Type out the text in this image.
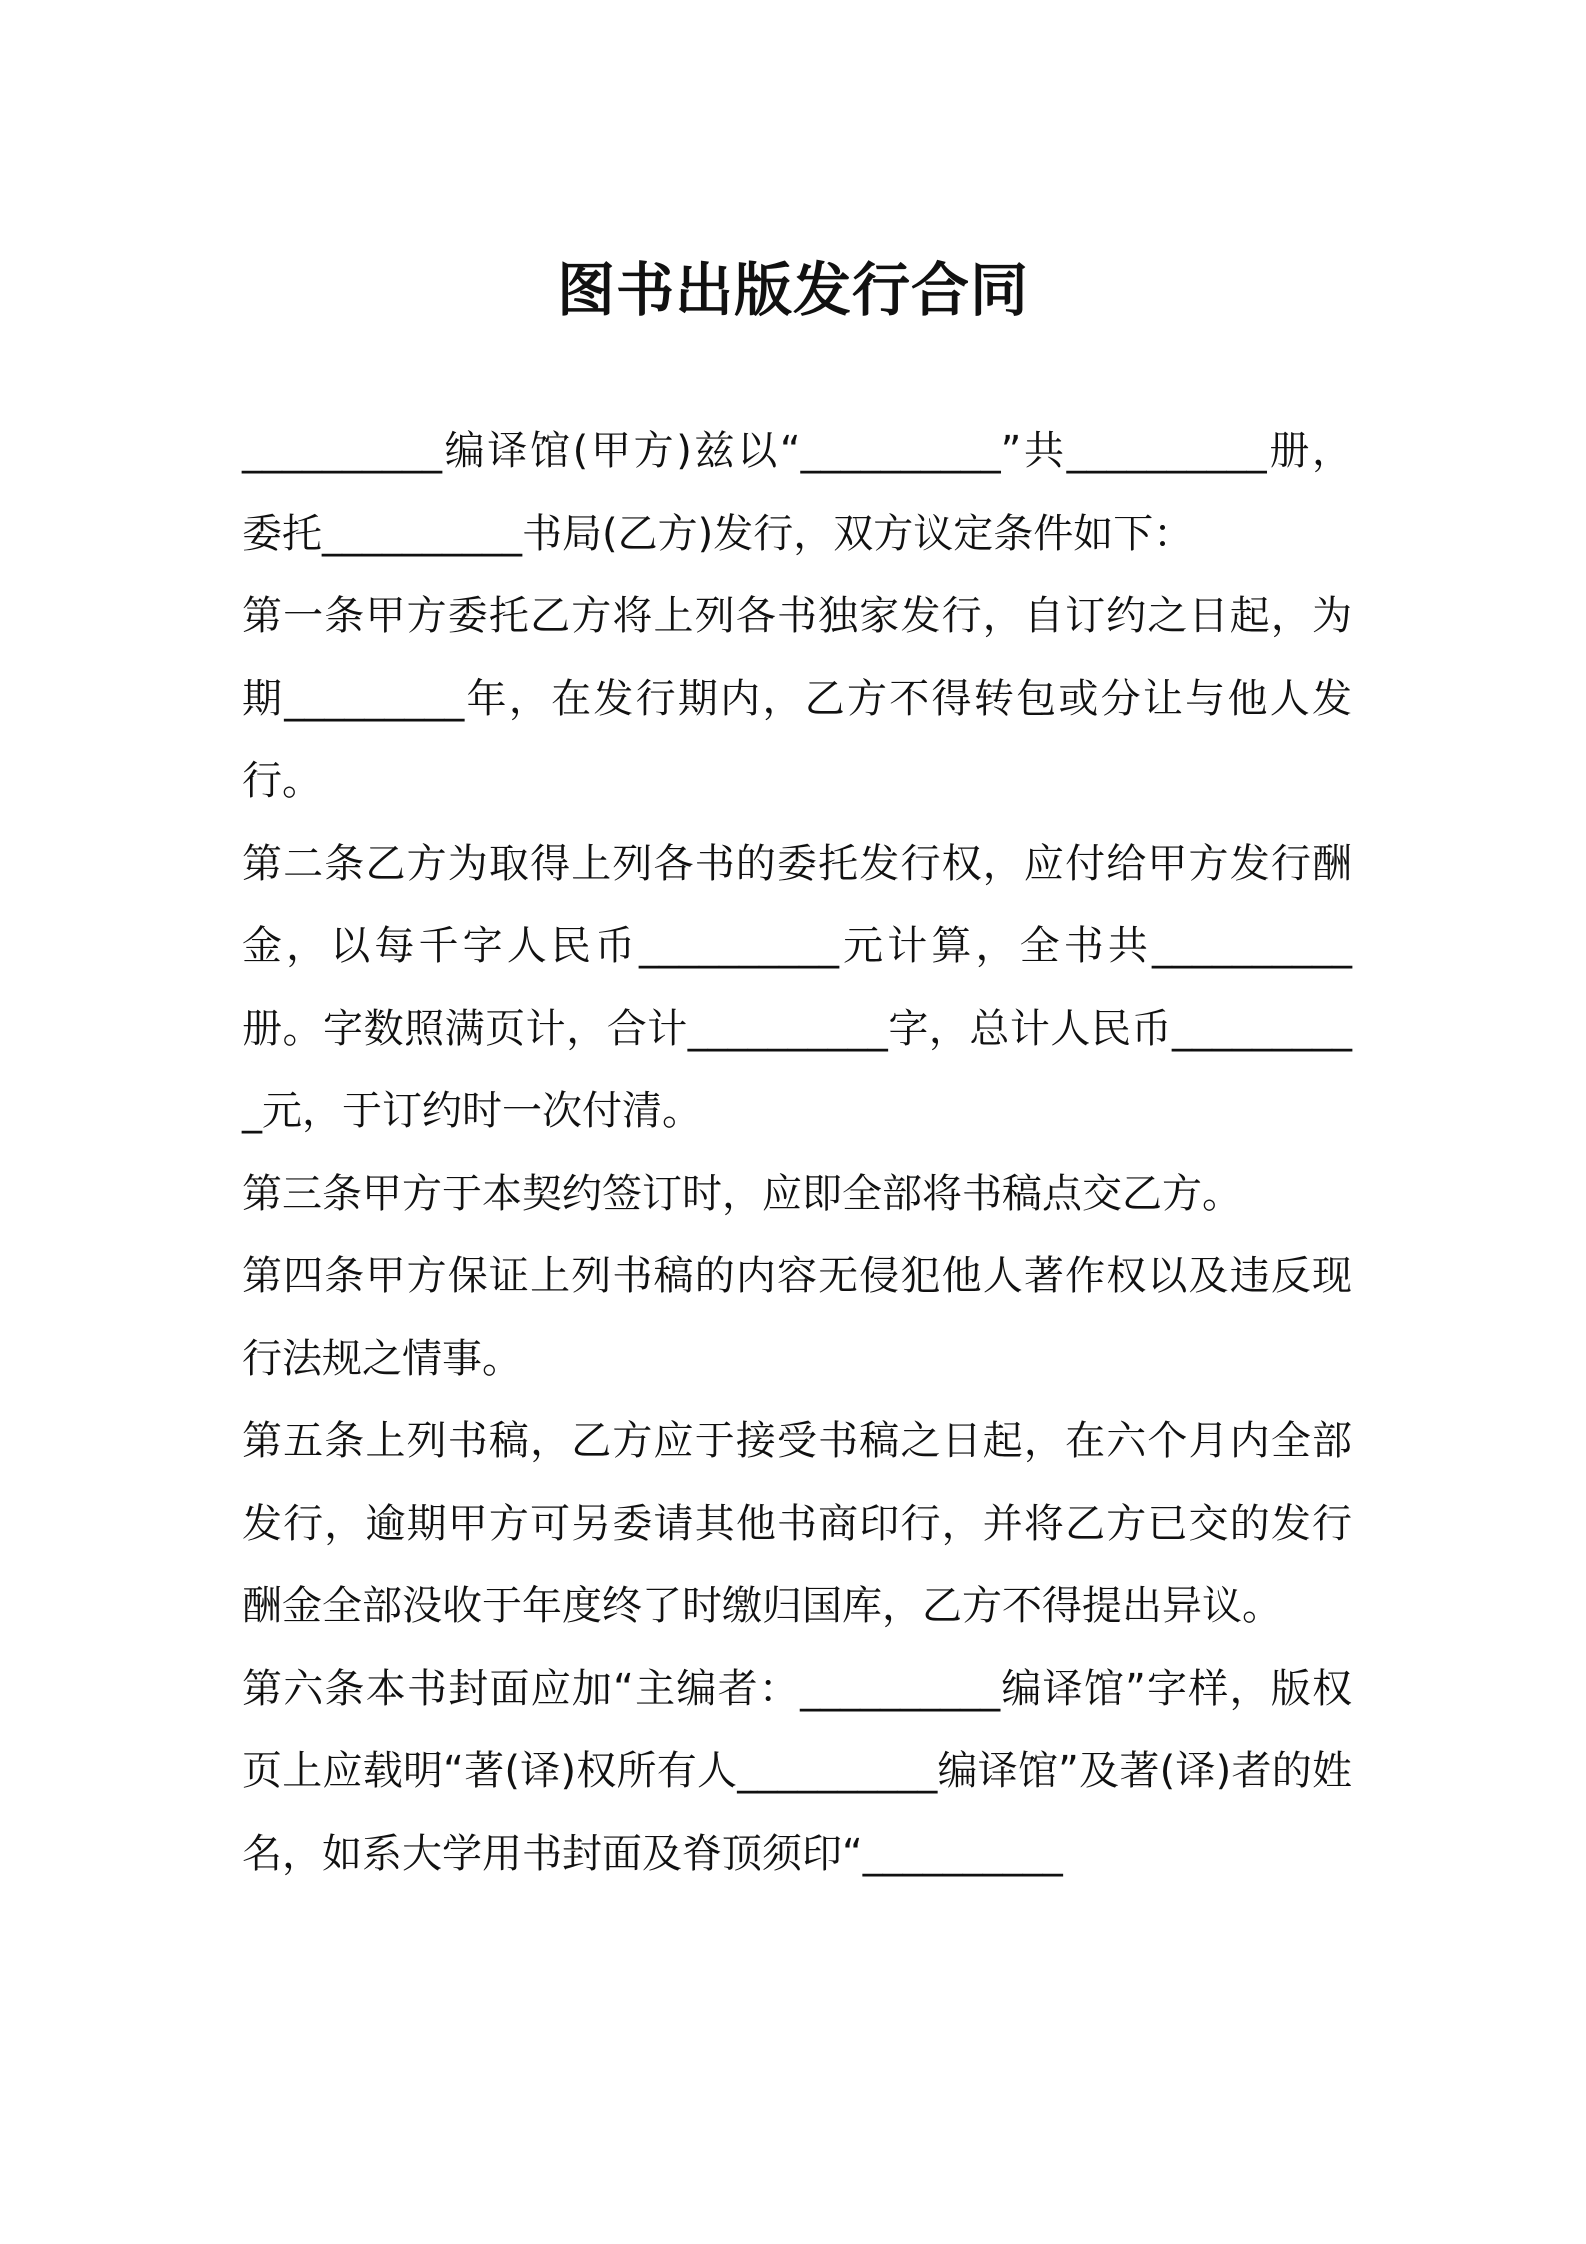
图书出版发行合同

__________编译馆(甲方)兹以“__________”共__________册，委托__________书局(乙方)发行，双方议定条件如下：

第一条甲方委托乙方将上列各书独家发行，自订约之日起，为期_________年，在发行期内，乙方不得转包或分让与他人发行。

第二条乙方为取得上列各书的委托发行权，应付给甲方发行酬金，以每千字人民币__________元计算，全书共__________册。字数照满页计，合计__________字，总计人民币__________元，于订约时一次付清。

第三条甲方于本契约签订时，应即全部将书稿点交乙方。

第四条甲方保证上列书稿的内容无侵犯他人著作权以及违反现行法规之情事。

第五条上列书稿，乙方应于接受书稿之日起，在六个月内全部发行，逾期甲方可另委请其他书商印行，并将乙方已交的发行酬金全部没收于年度终了时缴归国库，乙方不得提出异议。

第六条本书封面应加“主编者：__________编译馆”字样，版权页上应载明“著(译)权所有人__________编译馆”及著(译)者的姓名，如系大学用书封面及脊顶须印“__________
